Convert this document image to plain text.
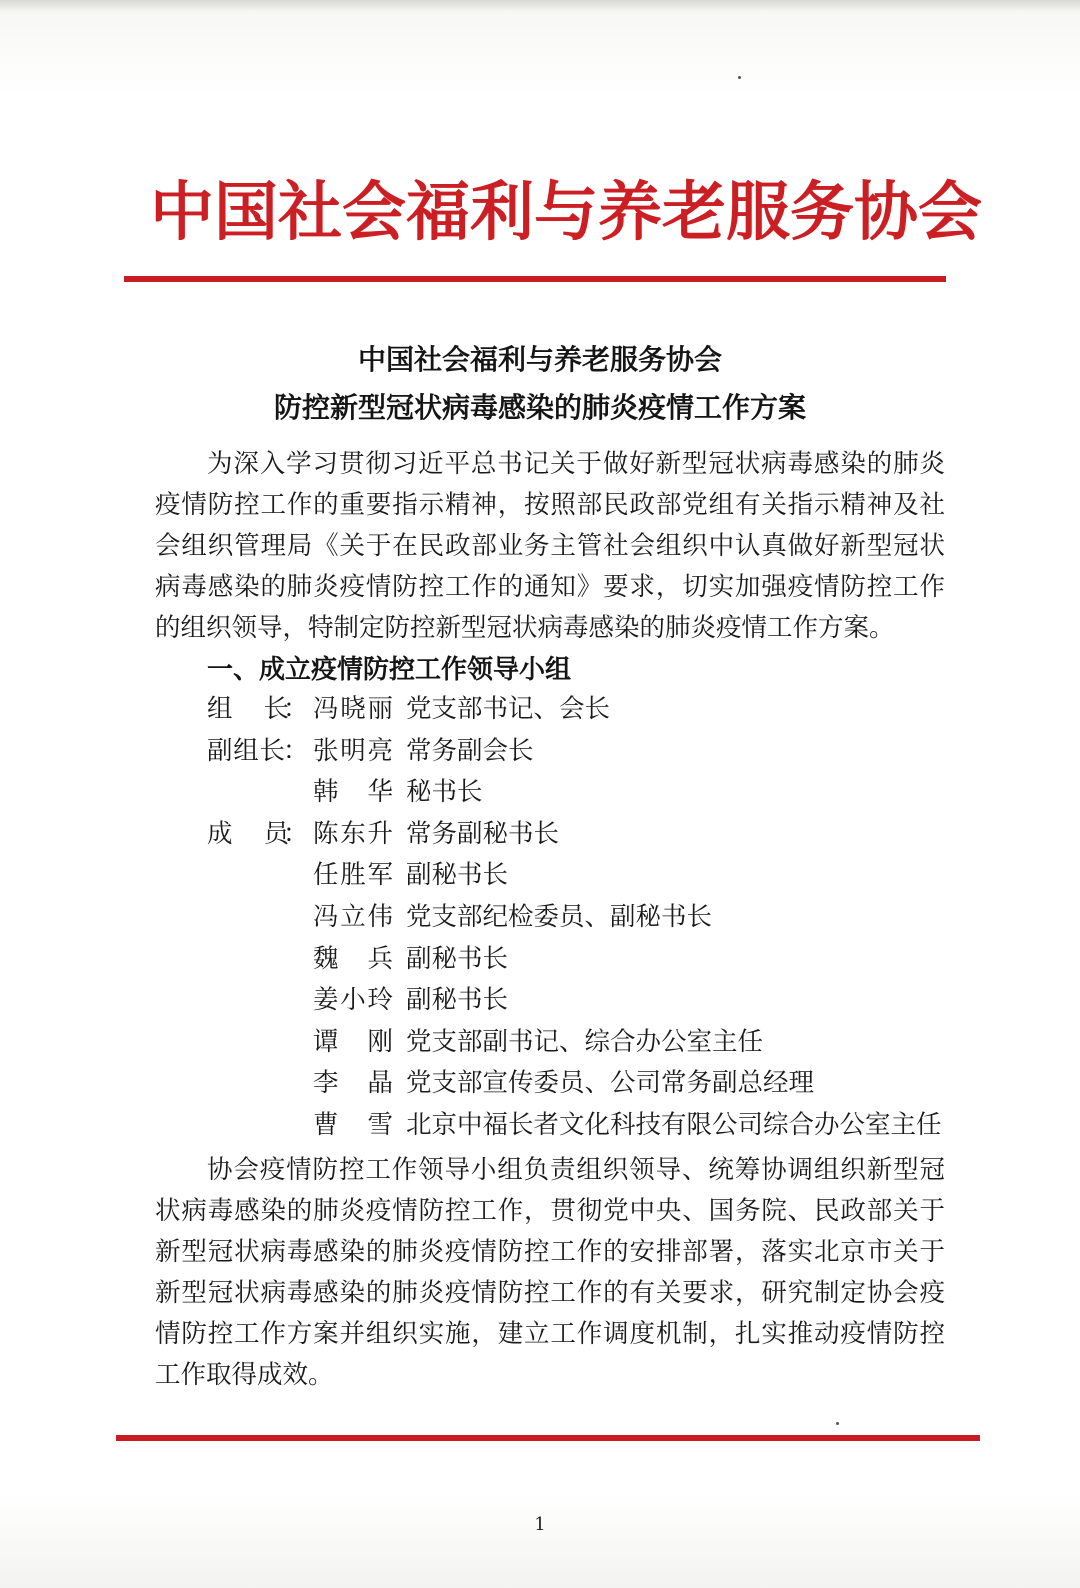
中国社会福利与养老服务协会
中国社会福利与养老服务协会
防控新型冠状病毒感染的肺炎疫情工作方案

为深入学习贯彻习近平总书记关于做好新型冠状病毒感染的肺炎疫情防控工作的重要指示精神，按照部民政部党组有关指示精神及社会组织管理局《关于在民政部业务主管社会组织中认真做好新型冠状病毒感染的肺炎疫情防控工作的通知》要求，切实加强疫情防控工作的组织领导，特制定防控新型冠状病毒感染的肺炎疫情工作方案。

一、成立疫情防控工作领导小组
组长
： 冯晓丽 党支部书记、会长
副组长
： 张明亮 常务副会长
韩华 秘书长
成员
： 陈东升 常务副秘书长
任胜军 副秘书长
冯立伟 党支部纪检委员、副秘书长
魏兵 副秘书长
姜小玲 副秘书长
谭刚 党支部副书记、综合办公室主任
李晶 党支部宣传委员、公司常务副总经理
曹雪 北京中福长者文化科技有限公司综合办公室主任

协会疫情防控工作领导小组负责组织领导、统筹协调组织新型冠状病毒感染的肺炎疫情防控工作，贯彻党中央、国务院、民政部关于新型冠状病毒感染的肺炎疫情防控工作的安排部署，落实北京市关于新型冠状病毒感染的肺炎疫情防控工作的有关要求，研究制定协会疫情防控工作方案并组织实施，建立工作调度机制，扎实推动疫情防控工作取得成效。

1
